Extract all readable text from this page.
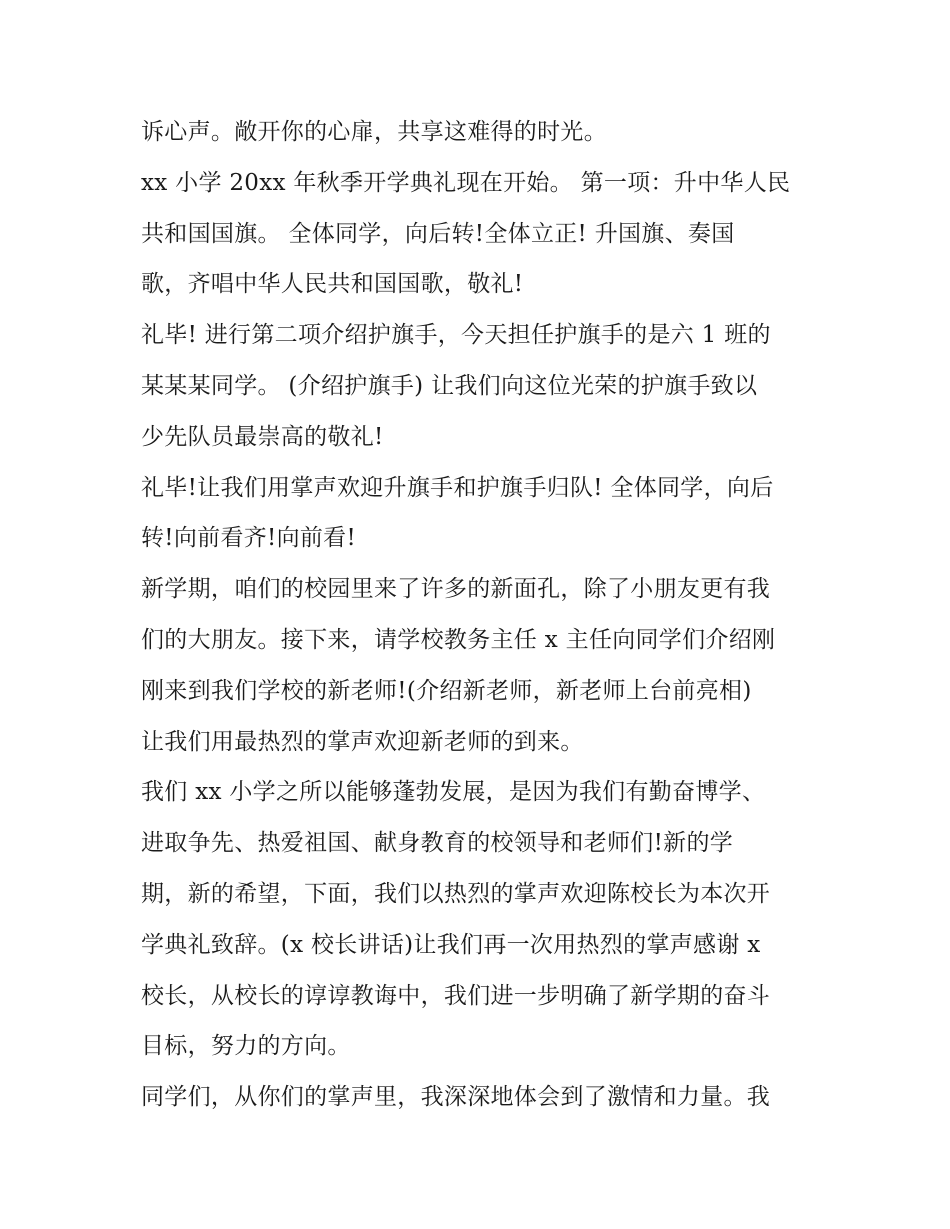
诉心声。敞开你的心扉，共享这难得的时光。
xx 小学 20xx 年秋季开学典礼现在开始。 第一项：升中华人民
共和国国旗。 全体同学，向后转!全体立正! 升国旗、奏国
歌，齐唱中华人民共和国国歌，敬礼!
礼毕! 进行第二项介绍护旗手，今天担任护旗手的是六 1 班的
某某某同学。 (介绍护旗手) 让我们向这位光荣的护旗手致以
少先队员最崇高的敬礼!
礼毕!让我们用掌声欢迎升旗手和护旗手归队! 全体同学，向后
转!向前看齐!向前看!
新学期，咱们的校园里来了许多的新面孔，除了小朋友更有我
们的大朋友。接下来，请学校教务主任 x 主任向同学们介绍刚
刚来到我们学校的新老师!(介绍新老师，新老师上台前亮相)
让我们用最热烈的掌声欢迎新老师的到来。
我们 xx 小学之所以能够蓬勃发展，是因为我们有勤奋博学、
进取争先、热爱祖国、献身教育的校领导和老师们!新的学
期，新的希望，下面，我们以热烈的掌声欢迎陈校长为本次开
学典礼致辞。(x 校长讲话)让我们再一次用热烈的掌声感谢 x
校长，从校长的谆谆教诲中，我们进一步明确了新学期的奋斗
目标，努力的方向。
同学们，从你们的掌声里，我深深地体会到了激情和力量。我
